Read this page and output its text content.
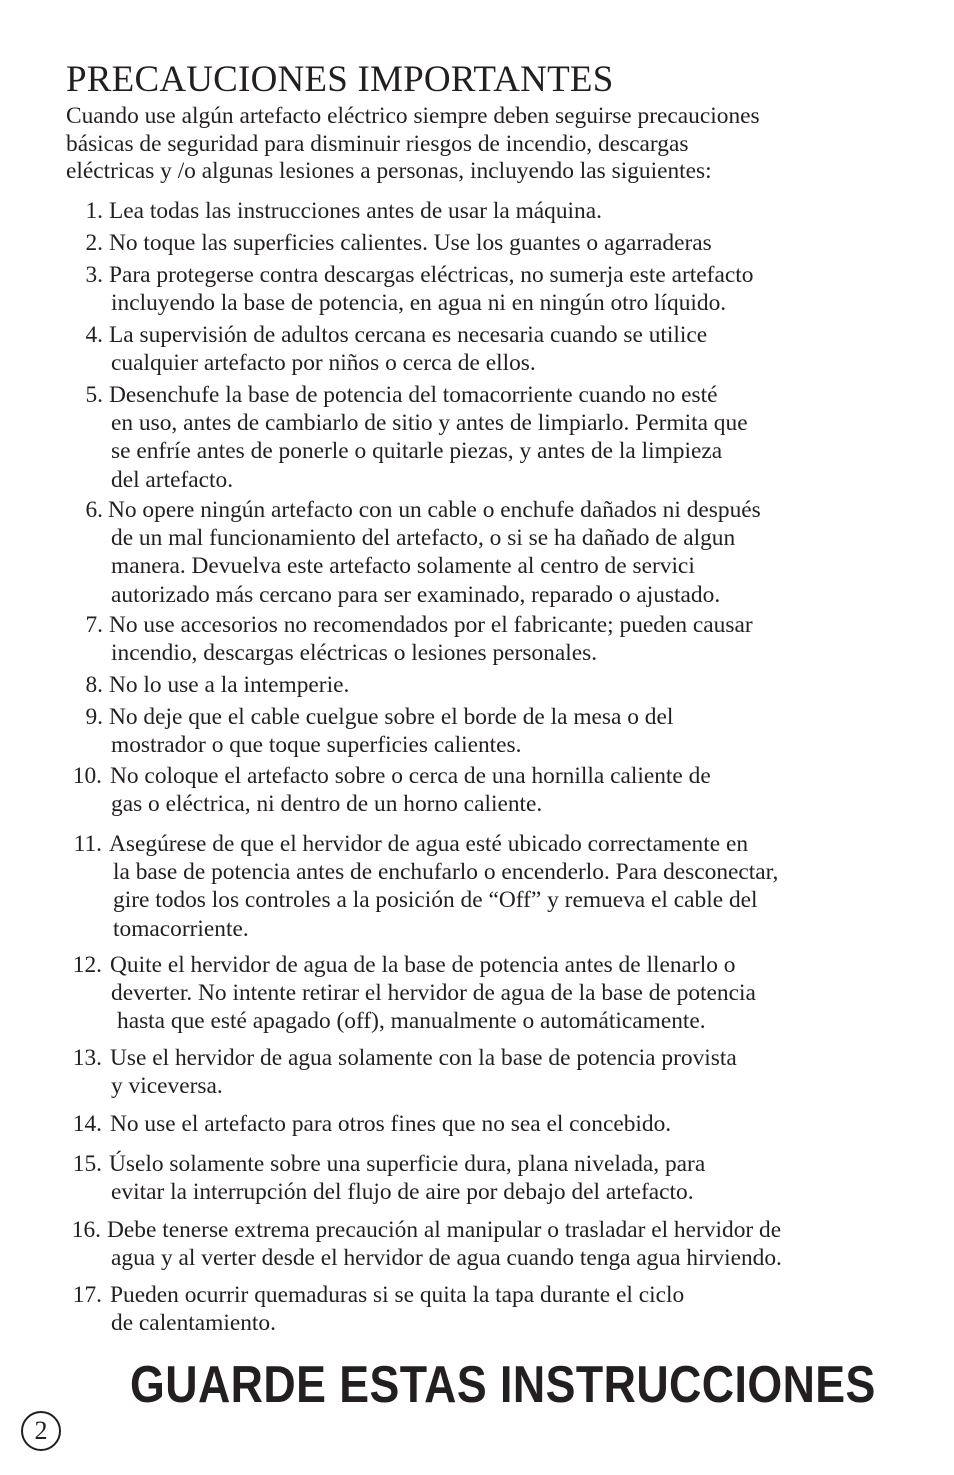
PRECAUCIONES IMPORTANTES
Cuando use algún artefacto eléctrico siempre deben seguirse precauciones
básicas de seguridad para disminuir riesgos de incendio, descargas
eléctricas y /o algunas lesiones a personas, incluyendo las siguientes:
1. Lea todas las instrucciones antes de usar la máquina.
2. No toque las superficies calientes. Use los guantes o agarraderas
3. Para protegerse contra descargas eléctricas, no sumerja este artefacto
incluyendo la base de potencia, en agua ni en ningún otro líquido.
4. La supervisión de adultos cercana es necesaria cuando se utilice
cualquier artefacto por niños o cerca de ellos.
5. Desenchufe la base de potencia del tomacorriente cuando no esté
en uso, antes de cambiarlo de sitio y antes de limpiarlo. Permita que
se enfríe antes de ponerle o quitarle piezas, y antes de la limpieza
del artefacto.
6. No opere ningún artefacto con un cable o enchufe dañados ni después
de un mal funcionamiento del artefacto, o si se ha dañado de algun
manera. Devuelva este artefacto solamente al centro de servici
autorizado más cercano para ser examinado, reparado o ajustado.
7. No use accesorios no recomendados por el fabricante; pueden causar
incendio, descargas eléctricas o lesiones personales.
8. No lo use a la intemperie.
9. No deje que el cable cuelgue sobre el borde de la mesa o del
mostrador o que toque superficies calientes.
10. No coloque el artefacto sobre o cerca de una hornilla caliente de
gas o eléctrica, ni dentro de un horno caliente.
11. Asegúrese de que el hervidor de agua esté ubicado correctamente en
la base de potencia antes de enchufarlo o encenderlo. Para desconectar,
gire todos los controles a la posición de “Off” y remueva el cable del
tomacorriente.
12. Quite el hervidor de agua de la base de potencia antes de llenarlo o
deverter. No intente retirar el hervidor de agua de la base de potencia
hasta que esté apagado (off), manualmente o automáticamente.
13. Use el hervidor de agua solamente con la base de potencia provista
y viceversa.
14. No use el artefacto para otros fines que no sea el concebido.
15. Úselo solamente sobre una superficie dura, plana nivelada, para
evitar la interrupción del flujo de aire por debajo del artefacto.
16. Debe tenerse extrema precaución al manipular o trasladar el hervidor de
agua y al verter desde el hervidor de agua cuando tenga agua hirviendo.
17. Pueden ocurrir quemaduras si se quita la tapa durante el ciclo
de calentamiento.
GUARDE ESTAS INSTRUCCIONES
2
